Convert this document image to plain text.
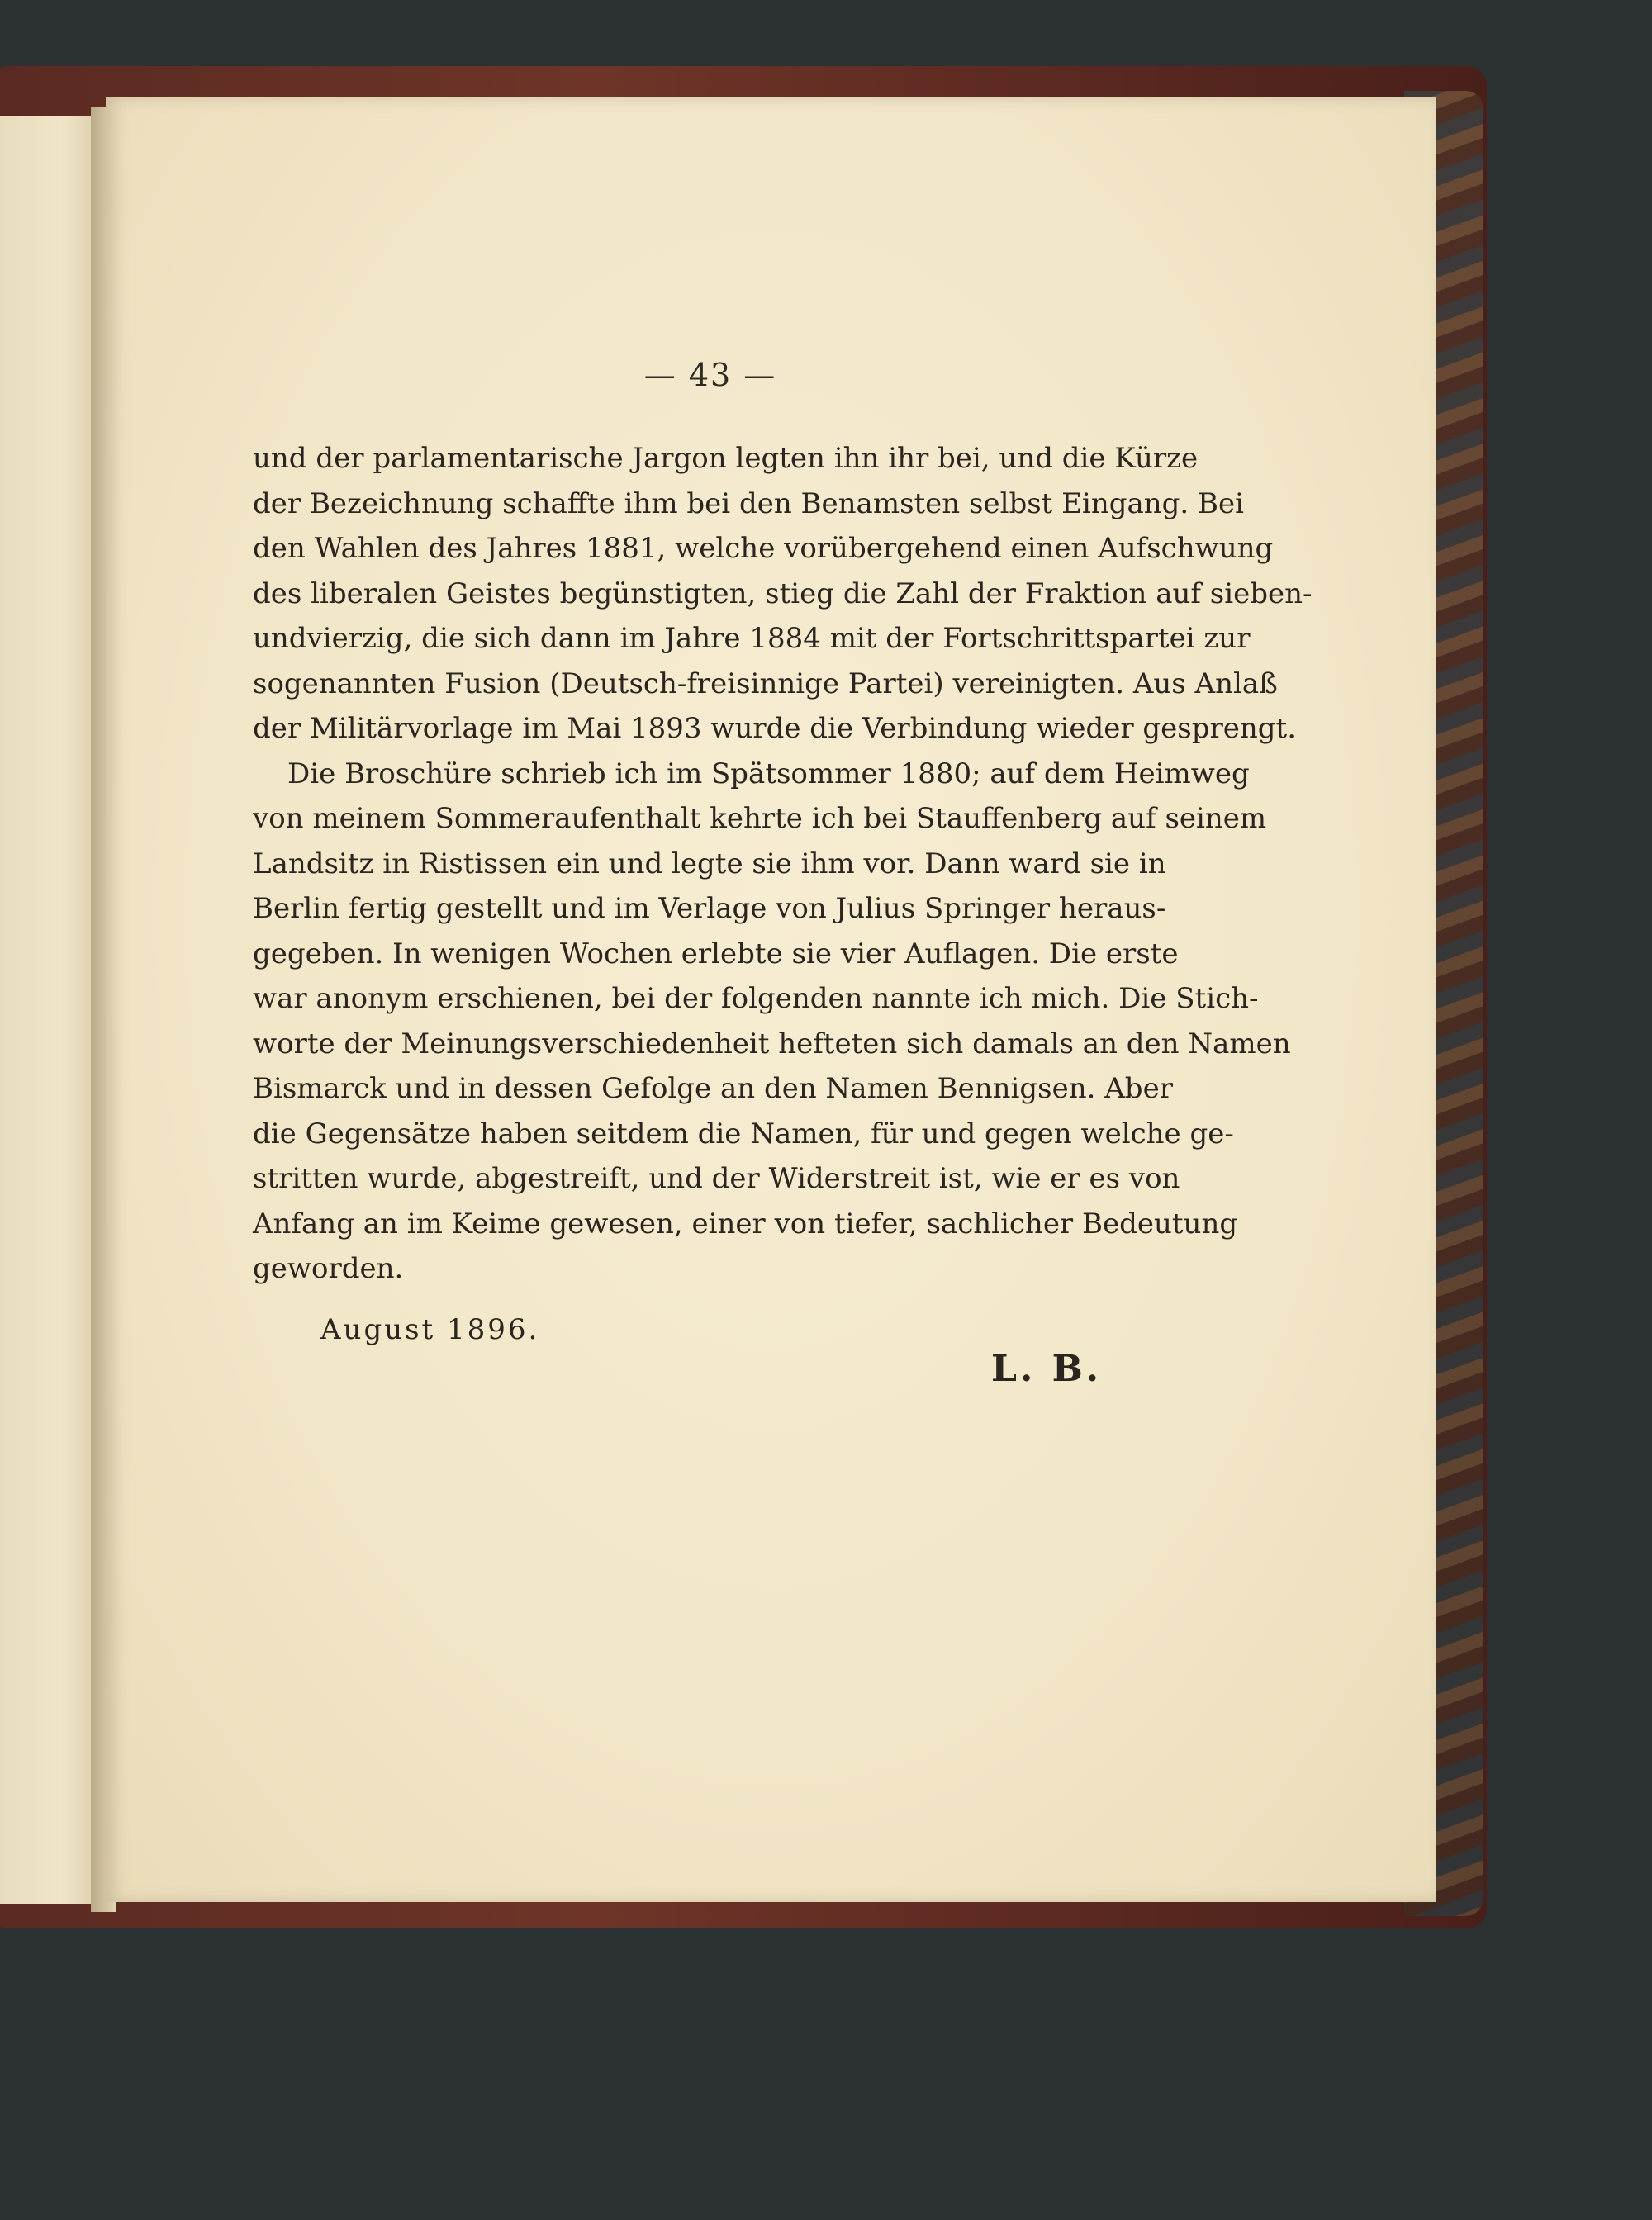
— 43 —
und der parlamentarische Jargon legten ihn ihr bei, und die Kürze
der Bezeichnung schaffte ihm bei den Benamsten selbst Eingang. Bei
den Wahlen des Jahres 1881, welche vorübergehend einen Aufschwung
des liberalen Geistes begünstigten, stieg die Zahl der Fraktion auf sieben-
undvierzig, die sich dann im Jahre 1884 mit der Fortschrittspartei zur
sogenannten Fusion (Deutsch-freisinnige Partei) vereinigten. Aus Anlaß
der Militärvorlage im Mai 1893 wurde die Verbindung wieder gesprengt.
Die Broschüre schrieb ich im Spätsommer 1880; auf dem Heimweg
von meinem Sommeraufenthalt kehrte ich bei Stauffenberg auf seinem
Landsitz in Ristissen ein und legte sie ihm vor. Dann ward sie in
Berlin fertig gestellt und im Verlage von Julius Springer heraus-
gegeben. In wenigen Wochen erlebte sie vier Auflagen. Die erste
war anonym erschienen, bei der folgenden nannte ich mich. Die Stich-
worte der Meinungsverschiedenheit hefteten sich damals an den Namen
Bismarck und in dessen Gefolge an den Namen Bennigsen. Aber
die Gegensätze haben seitdem die Namen, für und gegen welche ge-
stritten wurde, abgestreift, und der Widerstreit ist, wie er es von
Anfang an im Keime gewesen, einer von tiefer, sachlicher Bedeutung
geworden.
August 1896.
L. B.
